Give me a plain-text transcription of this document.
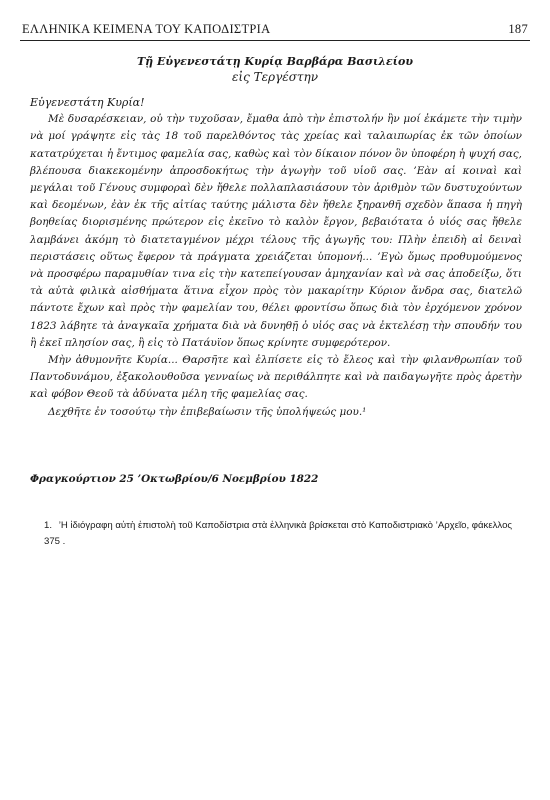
ΕΛΛΗΝΙΚΑ ΚΕΙΜΕΝΑ ΤΟΥ ΚΑΠΟΔΙΣΤΡΙΑ	187
Τῇ Εὐγενεστάτῃ Κυρίᾳ Βαρβάρα Βασιλείου
εἰς Τεργέστην

Εὐγενεστάτη Κυρία!

Μὲ δυσαρέσκειαν, οὐ τὴν τυχοῦσαν, ἔμαθα ἀπὸ τὴν ἐπιστολήν ἣν μοί ἐκάμετε τὴν τιμὴν νὰ μοί γράψητε εἰς τὰς 18 τοῦ παρελθόντος τὰς χρείας καὶ ταλαιπωρίας ἐκ τῶν ὁποίων κατατρύχεται ἡ ἔντιμος φαμελία σας, καθὼς καὶ τὸν δίκαιον πόνον ὃν ὑποφέρη ἡ ψυχή σας, βλέπουσα διακεκομένην ἀπροσδοκήτως τὴν ἀγωγὴν τοῦ υἱοῦ σας. ’Εὰν αἱ κοιναὶ καὶ μεγάλαι τοῦ Γένους συμφοραὶ δὲν ἤθελε πολλαπλασιάσουν τὸν ἀριθμὸν τῶν δυστυχούντων καὶ δεομένων, ἐὰν ἐκ τῆς αἰτίας ταύτης μάλιστα δὲν ἤθελε ξηρανθῆ σχεδὸν ἅπασα ἡ πηγὴ βοηθείας διορισμένης πρώτερον εἰς ἐκεῖνο τὸ καλὸν ἔργον, βεβαιότατα ὁ υἱός σας ἤθελε λαμβάνει ἀκόμη τὸ διατεταγμένον μέχρι τέλους τῆς ἀγωγῆς του: Πλὴν ἐπειδὴ αἱ δειναὶ περιστάσεις οὕτως ἔφερον τὰ πράγματα χρειάζεται ὑπομονή... ’Εγὼ ὅμως προθυμούμενος νὰ προσφέρω παραμυθίαν τινα εἰς τὴν κατεπείγουσαν ἀμηχανίαν καὶ νὰ σας ἀποδείξω, ὅτι τὰ αὐτὰ φιλικὰ αἰσθήματα ἅτινα εἶχον πρὸς τὸν μακαρίτην Κύριον ἄνδρα σας, διατελῶ πάντοτε ἔχων καὶ πρὸς τὴν φαμελίαν του, θέλει φροντίσω ὅπως διὰ τὸν ἐρχόμενον χρόνον 1823 λάβητε τὰ ἀναγκαῖα χρήματα διὰ νὰ δυνηθῇ ὁ υἱός σας νὰ ἐκτελέσῃ τὴν σπουδήν του ἢ ἐκεῖ πλησίον σας, ἢ εἰς τὸ Πατάυϊον ὅπως κρίνητε συμφερότερον.

Μὴν ἀθυμονῆτε Κυρία... Θαρσῆτε καὶ ἐλπίσετε εἰς τὸ ἔλεος καὶ τὴν φιλανθρωπίαν τοῦ Παντοδυνάμου, ἐξακολουθοῦσα γενναίως νὰ περιθάλπητε καὶ νὰ παιδαγωγῆτε πρὸς ἀρετὴν καὶ φόβον Θεοῦ τὰ ἀδύνατα μέλη τῆς φαμελίας σας.

Δεχθῆτε ἐν τοσούτῳ τὴν ἐπιβεβαίωσιν τῆς ὑπολήψεώς μου.¹

Φραγκούρτιον 25 ’Οκτωβρίου/6 Νοεμβρίου 1822

1. ’Η ἰδιόγραφη αὐτὴ ἐπιστολὴ τοῦ Καποδίστρια στὰ ἑλληνικὰ βρίσκεται στὸ Καποδιστριακὸ ’Αρχεῖο, φάκελλος 375 .
